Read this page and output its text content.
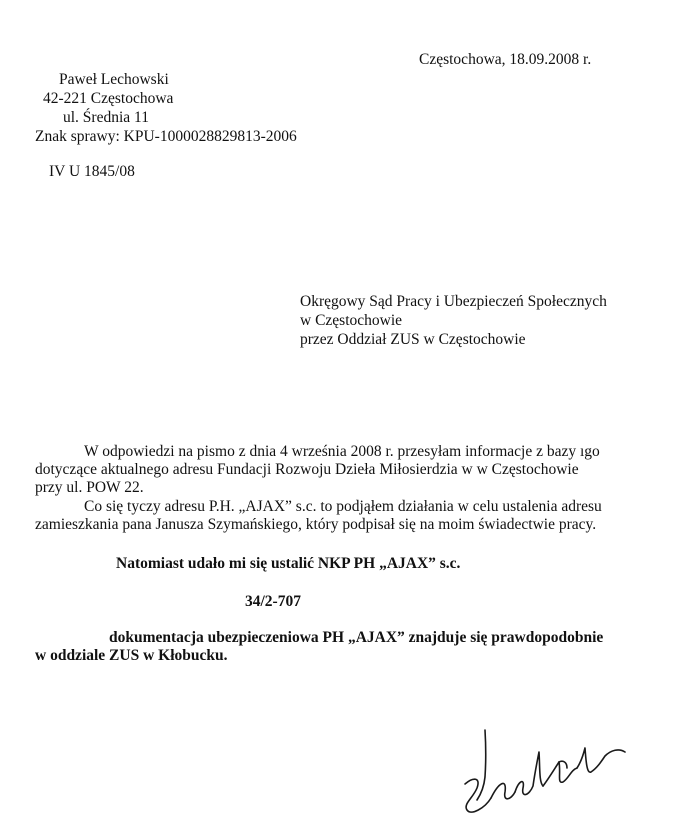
Częstochowa, 18.09.2008 r.
Paweł Lechowski
42-221 Częstochowa
ul. Średnia 11
Znak sprawy: KPU-1000028829813-2006
IV U 1845/08
Okręgowy Sąd Pracy i Ubezpieczeń Społecznych
w Częstochowie
przez Oddział ZUS w Częstochowie
W odpowiedzi na pismo z dnia 4 września 2008 r. przesyłam informacje z bazy ıgo
dotyczące aktualnego adresu Fundacji Rozwoju Dzieła Miłosierdzia w w Częstochowie
przy ul. POW 22.
Co się tyczy adresu P.H. „AJAX” s.c. to podjąłem działania w celu ustalenia adresu
zamieszkania pana Janusza Szymańskiego, który podpisał się na moim świadectwie pracy.
Natomiast udało mi się ustalić NKP PH „AJAX” s.c.
34/2-707
dokumentacja ubezpieczeniowa PH „AJAX” znajduje się prawdopodobnie
w oddziale ZUS w Kłobucku.
